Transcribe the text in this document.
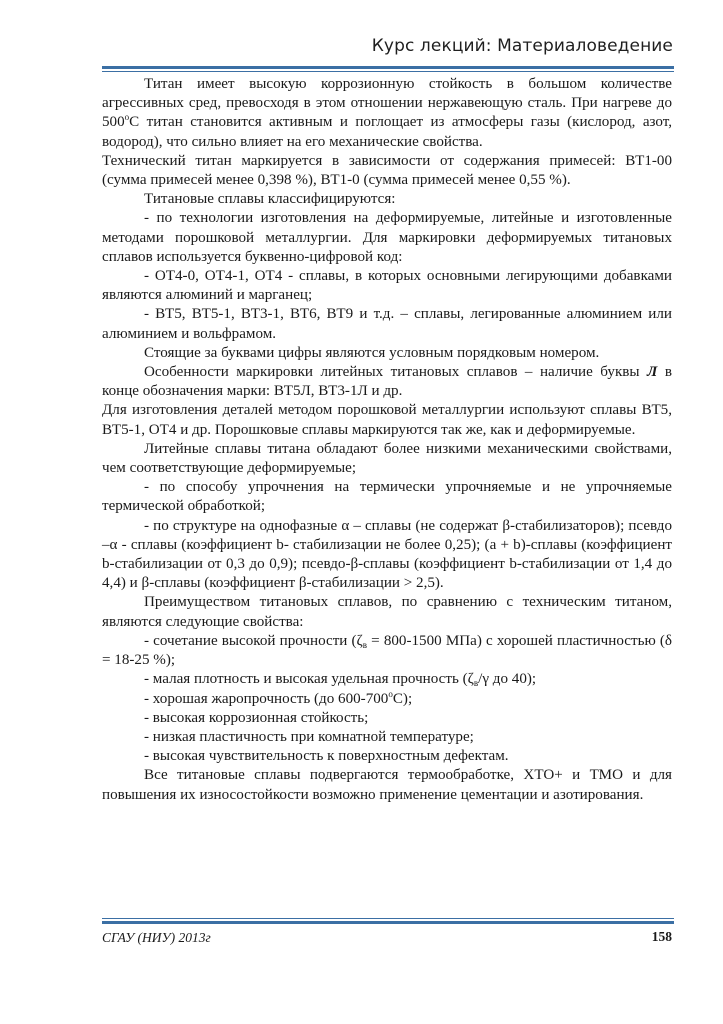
Курс лекций: Материаловедение

Титан имеет высокую коррозионную стойкость в большом количестве агрессивных сред, превосходя в этом отношении нержавеющую сталь. При нагреве до $500^оС$ титан становится активным и поглощает из атмосферы газы (кислород, азот, водород), что сильно влияет на его механические свойства.

Технический титан маркируется в зависимости от содержания примесей: ВТ1-00 (сумма примесей менее 0,398 %), ВТ1-0 (сумма примесей менее 0,55 %).

Титановые сплавы классифицируются:

- по технологии изготовления на деформируемые, литейные и изготовленные методами порошковой металлургии. Для маркировки деформируемых титановых сплавов используется буквенно-цифровой код:

- ОТ4-0, ОТ4-1, ОТ4 - сплавы, в которых основными легирующими добавками являются алюминий и марганец;

- ВТ5, ВТ5-1, ВТ3-1, ВТ6, ВТ9 и т.д. – сплавы, легированные алюминием или алюминием и вольфрамом.

Стоящие за буквами цифры являются условным порядковым номером.

Особенности маркировки литейных титановых сплавов – наличие буквы Л в конце обозначения марки: ВТ5Л, ВТ3-1Л и др.

Для изготовления деталей методом порошковой металлургии используют сплавы ВТ5, ВТ5-1, ОТ4 и др. Порошковые сплавы маркируются так же, как и деформируемые.

Литейные сплавы титана обладают более низкими механическими свойствами, чем соответствующие деформируемые;

- по способу упрочнения на термически упрочняемые и не упрочняемые термической обработкой;

- по структуре на однофазные α – сплавы (не содержат β-стабилизаторов); псевдо –α - сплавы (коэффициент b- стабилизации не более 0,25); (a + b)-сплавы (коэффициент b-стабилизации от 0,3 до 0,9); псевдо-β-сплавы (коэффициент b-стабилизации от 1,4 до 4,4) и β-сплавы (коэффициент β-стабилизации > 2,5).

Преимуществом титановых сплавов, по сравнению с техническим титаном, являются следующие свойства:

- сочетание высокой прочности ($\zeta_в = 800-1500$ МПа) с хорошей пластичностью (δ = 18-25 %);

- малая плотность и высокая удельная прочность ($\zeta_в/\gamma$ до 40);

- хорошая жаропрочность (до $600-700^оС$);

- высокая коррозионная стойкость;

- низкая пластичность при комнатной температуре;

- высокая чувствительность к поверхностным дефектам.

Все титановые сплавы подвергаются термообработке, ХТО+ и ТМО и для повышения их износостойкости возможно применение цементации и азотирования.

СГАУ (НИУ) 2013г	158
